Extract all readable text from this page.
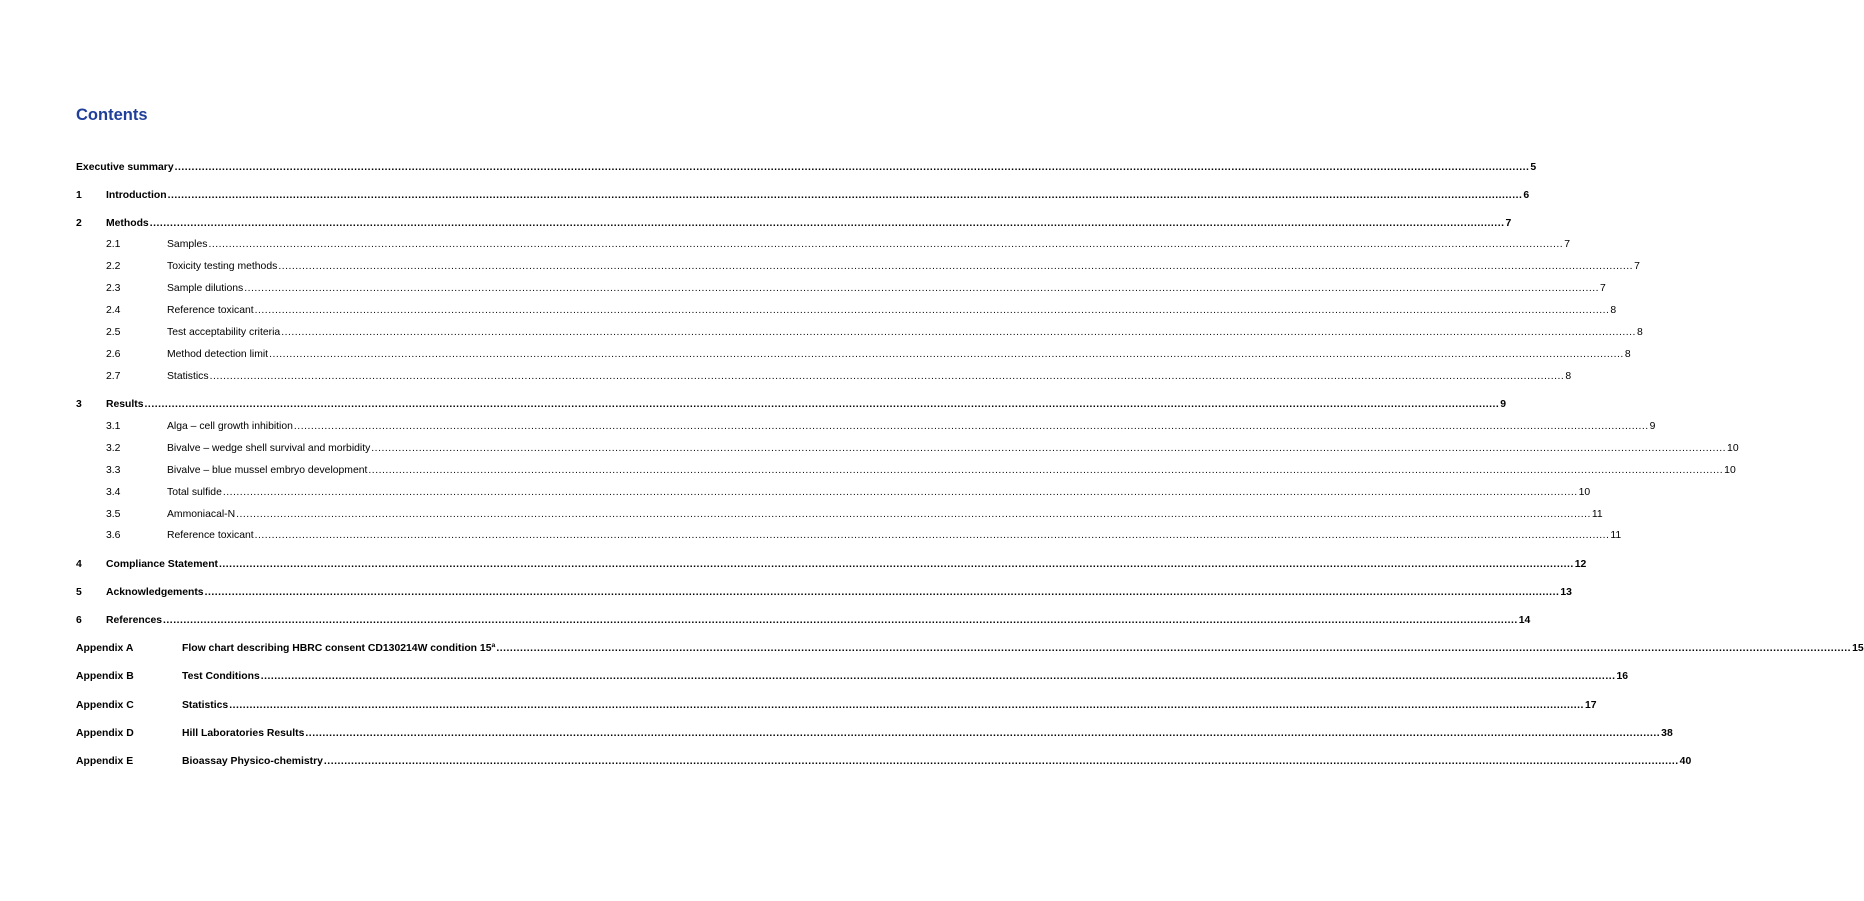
Contents
Executive summary ................................................................................................................................................................................................................................................................................................................................................................................................................ 5
1	Introduction ................................................................................................................................................................................................................................................................................................................................................................................................................ 6
2	Methods ................................................................................................................................................................................................................................................................................................................................................................................................................ 7
2.1	Samples ................................................................................................................................................................................................................................................................................................................................................................................................................ 7
2.2	Toxicity testing methods ................................................................................................................................................................................................................................................................................................................................................................................................................ 7
2.3	Sample dilutions ................................................................................................................................................................................................................................................................................................................................................................................................................ 7
2.4	Reference toxicant ................................................................................................................................................................................................................................................................................................................................................................................................................ 8
2.5	Test acceptability criteria ................................................................................................................................................................................................................................................................................................................................................................................................................ 8
2.6	Method detection limit ................................................................................................................................................................................................................................................................................................................................................................................................................ 8
2.7	Statistics ................................................................................................................................................................................................................................................................................................................................................................................................................ 8
3	Results ................................................................................................................................................................................................................................................................................................................................................................................................................ 9
3.1	Alga – cell growth inhibition ................................................................................................................................................................................................................................................................................................................................................................................................................ 9
3.2	Bivalve – wedge shell survival and morbidity ................................................................................................................................................................................................................................................................................................................................................................................................................ 10
3.3	Bivalve – blue mussel embryo development ................................................................................................................................................................................................................................................................................................................................................................................................................ 10
3.4	Total sulfide ................................................................................................................................................................................................................................................................................................................................................................................................................ 10
3.5	Ammoniacal-N ................................................................................................................................................................................................................................................................................................................................................................................................................ 11
3.6	Reference toxicant ................................................................................................................................................................................................................................................................................................................................................................................................................ 11
4	Compliance Statement ................................................................................................................................................................................................................................................................................................................................................................................................................ 12
5	Acknowledgements ................................................................................................................................................................................................................................................................................................................................................................................................................ 13
6	References ................................................................................................................................................................................................................................................................................................................................................................................................................ 14
Appendix A	Flow chart describing HBRC consent CD130214W condition 15ª ................................................................................................................................................................................................................................................................................................................................................................................................................ 15
Appendix B	Test Conditions ................................................................................................................................................................................................................................................................................................................................................................................................................ 16
Appendix C	Statistics ................................................................................................................................................................................................................................................................................................................................................................................................................ 17
Appendix D	Hill Laboratories Results ................................................................................................................................................................................................................................................................................................................................................................................................................ 38
Appendix E	Bioassay Physico-chemistry ................................................................................................................................................................................................................................................................................................................................................................................................................ 40
